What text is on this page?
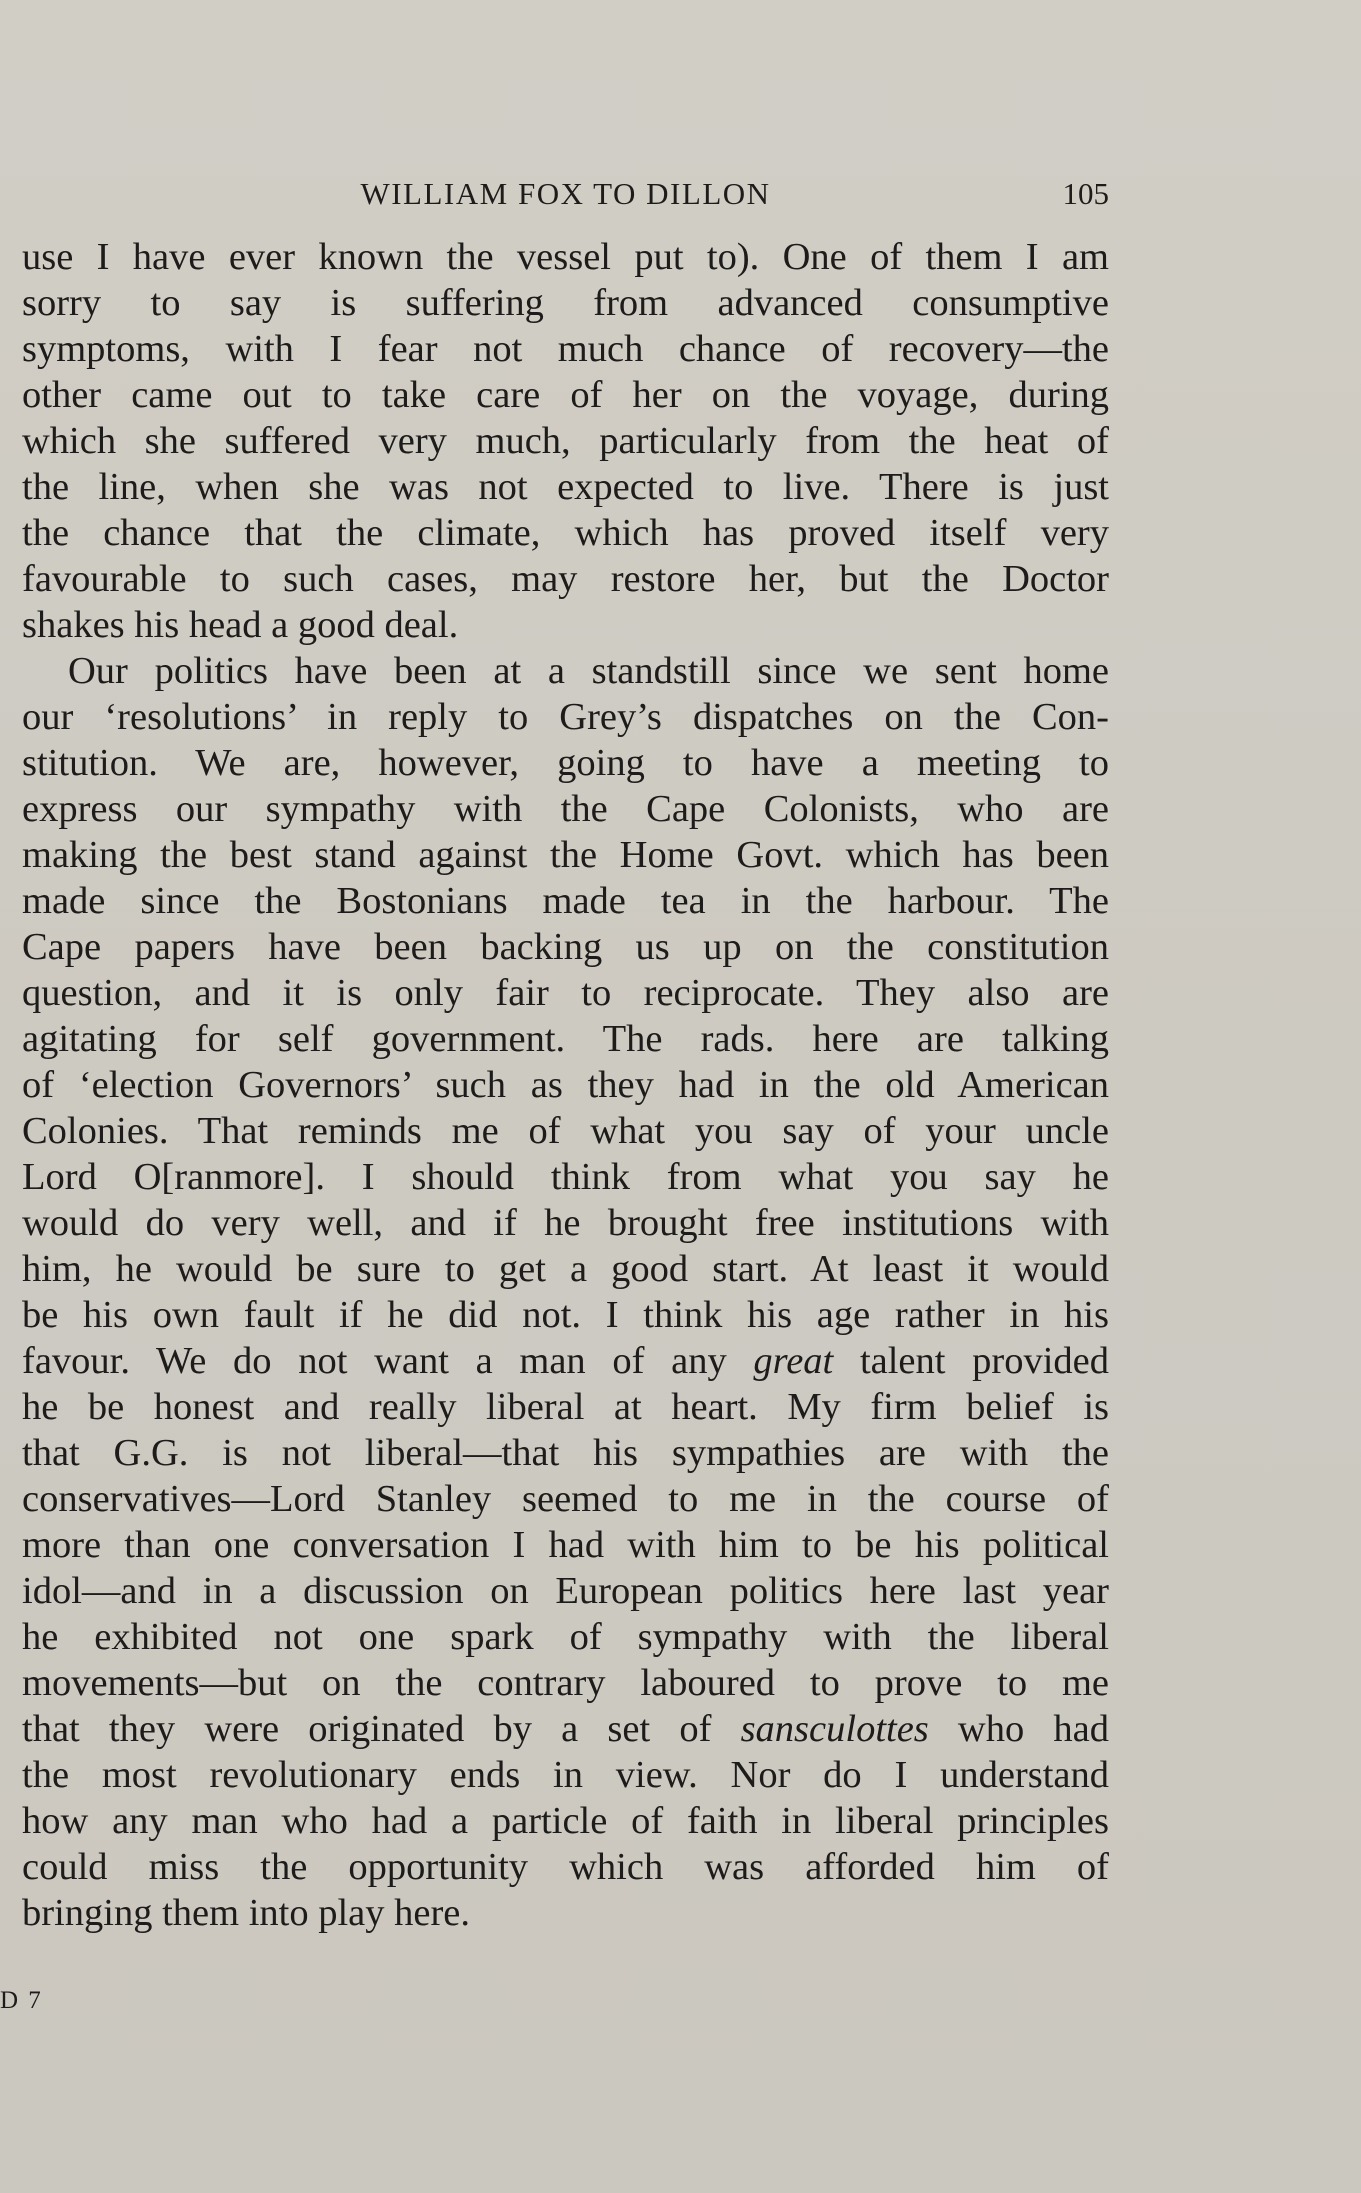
WILLIAM FOX TO DILLON	105
use I have ever known the vessel put to). One of them I am
sorry to say is suffering from advanced consumptive
symptoms, with I fear not much chance of recovery—the
other came out to take care of her on the voyage, during
which she suffered very much, particularly from the heat of
the line, when she was not expected to live. There is just
the chance that the climate, which has proved itself very
favourable to such cases, may restore her, but the Doctor
shakes his head a good deal.
Our politics have been at a standstill since we sent home
our ‘resolutions’ in reply to Grey’s dispatches on the Con-
stitution. We are, however, going to have a meeting to
express our sympathy with the Cape Colonists, who are
making the best stand against the Home Govt. which has been
made since the Bostonians made tea in the harbour. The
Cape papers have been backing us up on the constitution
question, and it is only fair to reciprocate. They also are
agitating for self government. The rads. here are talking
of ‘election Governors’ such as they had in the old American
Colonies. That reminds me of what you say of your uncle
Lord O[ranmore]. I should think from what you say he
would do very well, and if he brought free institutions with
him, he would be sure to get a good start. At least it would
be his own fault if he did not. I think his age rather in his
favour. We do not want a man of any great talent provided
he be honest and really liberal at heart. My firm belief is
that G.G. is not liberal—that his sympathies are with the
conservatives—Lord Stanley seemed to me in the course of
more than one conversation I had with him to be his political
idol—and in a discussion on European politics here last year
he exhibited not one spark of sympathy with the liberal
movements—but on the contrary laboured to prove to me
that they were originated by a set of sansculottes who had
the most revolutionary ends in view. Nor do I understand
how any man who had a particle of faith in liberal principles
could miss the opportunity which was afforded him of
bringing them into play here.
D 7
